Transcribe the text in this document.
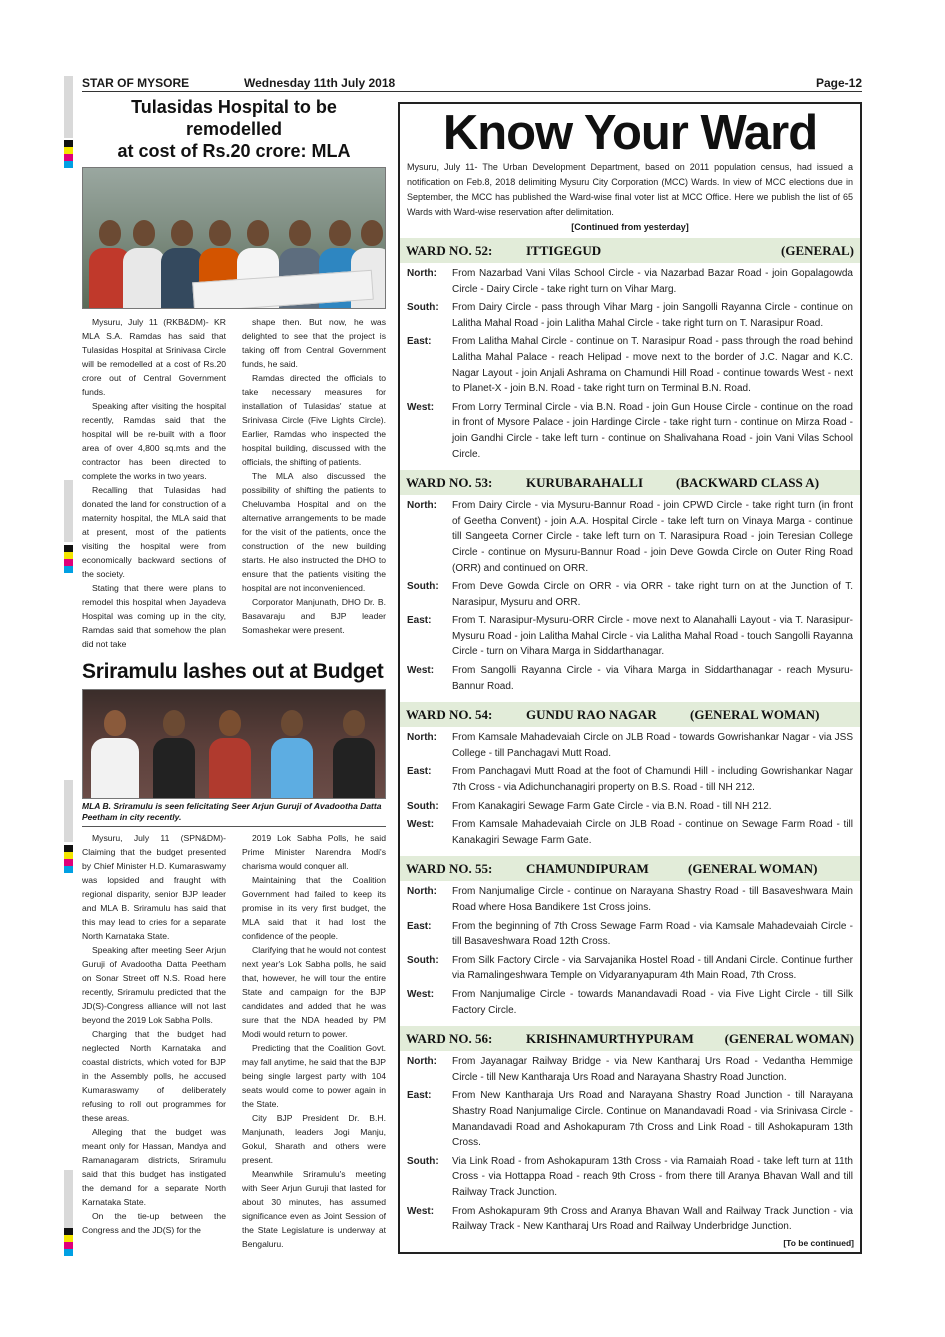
STAR OF MYSORE	Wednesday 11th July 2018	Page-12
Tulasidas Hospital to be remodelled
at cost of Rs.20 crore: MLA

Mysuru, July 11 (RKB&DM)- KR MLA S.A. Ramdas has said that Tulasidas Hospital at Srinivasa Circle will be remodelled at a cost of Rs.20 crore out of Central Government funds.

Speaking after visiting the hospital recently, Ramdas said that the hospital will be re-built with a floor area of over 4,800 sq.mts and the contractor has been directed to complete the works in two years.

Recalling that Tulasidas had donated the land for construction of a maternity hospital, the MLA said that at present, most of the patients visiting the hospital were from economically backward sections of the society.

Stating that there were plans to remodel this hospital when Jayadeva Hospital was coming up in the city, Ramdas said that somehow the plan did not take

shape then. But now, he was delighted to see that the project is taking off from Central Government funds, he said.

Ramdas directed the officials to take necessary measures for installation of Tulasidas' statue at Srinivasa Circle (Five Lights Circle). Earlier, Ramdas who inspected the hospital building, discussed with the officials, the shifting of patients.

The MLA also discussed the possibility of shifting the patients to Cheluvamba Hospital and on the alternative arrangements to be made for the visit of the patients, once the construction of the new building starts. He also instructed the DHO to ensure that the patients visiting the hospital are not inconvenienced.

Corporator Manjunath, DHO Dr. B. Basavaraju and BJP leader Somashekar were present.

Sriramulu lashes out at Budget
MLA B. Sriramulu is seen felicitating Seer Arjun Guruji of Avadootha Datta Peetham in city recently.

Mysuru, July 11 (SPN&DM)- Claiming that the budget presented by Chief Minister H.D. Kumaraswamy was lopsided and fraught with regional disparity, senior BJP leader and MLA B. Sriramulu has said that this may lead to cries for a separate North Karnataka State.

Speaking after meeting Seer Arjun Guruji of Avadootha Datta Peetham on Sonar Street off N.S. Road here recently, Sriramulu predicted that the JD(S)-Congress alliance will not last beyond the 2019 Lok Sabha Polls.

Charging that the budget had neglected North Karnataka and coastal districts, which voted for BJP in the Assembly polls, he accused Kumaraswamy of deliberately refusing to roll out programmes for these areas.

Alleging that the budget was meant only for Hassan, Mandya and Ramanagaram districts, Sriramulu said that this budget has instigated the demand for a separate North Karnataka State.

On the tie-up between the Congress and the JD(S) for the

2019 Lok Sabha Polls, he said Prime Minister Narendra Modi's charisma would conquer all.

Maintaining that the Coalition Government had failed to keep its promise in its very first budget, the MLA said that it had lost the confidence of the people.

Clarifying that he would not contest next year's Lok Sabha polls, he said that, however, he will tour the entire State and campaign for the BJP candidates and added that he was sure that the NDA headed by PM Modi would return to power.

Predicting that the Coalition Govt. may fall anytime, he said that the BJP being single largest party with 104 seats would come to power again in the State.

City BJP President Dr. B.H. Manjunath, leaders Jogi Manju, Gokul, Sharath and others were present.

Meanwhile Sriramulu's meeting with Seer Arjun Guruji that lasted for about 30 minutes, has assumed significance even as Joint Session of the State Legislature is underway at Bengaluru.

Know Your Ward
Mysuru, July 11- The Urban Development Department, based on 2011 population census, had issued a notification on Feb.8, 2018 delimiting Mysuru City Corporation (MCC) Wards. In view of MCC elections due in September, the MCC has published the Ward-wise final voter list at MCC Office. Here we publish the list of 65 Wards with Ward-wise reservation after delimitation.
[Continued from yesterday]
WARD NO. 52:	ITTIGEGUD	(GENERAL)
North:	From Nazarbad Vani Vilas School Circle - via Nazarbad Bazar Road - join Gopalagowda Circle - Dairy Circle - take right turn on Vihar Marg.
South:	From Dairy Circle - pass through Vihar Marg - join Sangolli Rayanna Circle - continue on Lalitha Mahal Road - join Lalitha Mahal Circle - take right turn on T. Narasipur Road.
East:	From Lalitha Mahal Circle - continue on T. Narasipur Road - pass through the road behind Lalitha Mahal Palace - reach Helipad - move next to the border of J.C. Nagar and K.C. Nagar Layout - join Anjali Ashrama on Chamundi Hill Road - continue towards West - next to Planet-X - join B.N. Road - take right turn on Terminal B.N. Road.
West:	From Lorry Terminal Circle - via B.N. Road - join Gun House Circle - continue on the road in front of Mysore Palace - join Hardinge Circle - take right turn - continue on Mirza Road - join Gandhi Circle - take left turn - continue on Shalivahana Road - join Vani Vilas School Circle.
WARD NO. 53:	KURUBARAHALLI	(BACKWARD CLASS A)
North:	From Dairy Circle - via Mysuru-Bannur Road - join CPWD Circle - take right turn (in front of Geetha Convent) - join A.A. Hospital Circle - take left turn on Vinaya Marga - continue till Sangeeta Corner Circle - take left turn on T. Narasipura Road - join Teresian College Circle - continue on Mysuru-Bannur Road - join Deve Gowda Circle on Outer Ring Road (ORR) and continued on ORR.
South:	From Deve Gowda Circle on ORR - via ORR - take right turn on at the Junction of T. Narasipur, Mysuru and ORR.
East:	From T. Narasipur-Mysuru-ORR Circle - move next to Alanahalli Layout - via T. Narasipur-Mysuru Road - join Lalitha Mahal Circle - via Lalitha Mahal Road - touch Sangolli Rayanna Circle - turn on Vihara Marga in Siddarthanagar.
West:	From Sangolli Rayanna Circle - via Vihara Marga in Siddarthanagar - reach Mysuru-Bannur Road.
WARD NO. 54:	GUNDU RAO NAGAR	(GENERAL WOMAN)
North:	From Kamsale Mahadevaiah Circle on JLB Road - towards Gowrishankar Nagar - via JSS College - till Panchagavi Mutt Road.
East:	From Panchagavi Mutt Road at the foot of Chamundi Hill - including Gowrishankar Nagar 7th Cross - via Adichunchanagiri property on B.S. Road - till NH 212.
South:	From Kanakagiri Sewage Farm Gate Circle - via B.N. Road - till NH 212.
West:	From Kamsale Mahadevaiah Circle on JLB Road - continue on Sewage Farm Road - till Kanakagiri Sewage Farm Gate.
WARD NO. 55:	CHAMUNDIPURAM	(GENERAL WOMAN)
North:	From Nanjumalige Circle - continue on Narayana Shastry Road - till Basaveshwara Main Road where Hosa Bandikere 1st Cross joins.
East:	From the beginning of 7th Cross Sewage Farm Road - via Kamsale Mahadevaiah Circle - till Basaveshwara Road 12th Cross.
South:	From Silk Factory Circle - via Sarvajanika Hostel Road - till Andani Circle. Continue further via Ramalingeshwara Temple on Vidyaranyapuram 4th Main Road, 7th Cross.
West:	From Nanjumalige Circle - towards Manandavadi Road - via Five Light Circle - till Silk Factory Circle.
WARD NO. 56:	KRISHNAMURTHYPURAM (GENERAL WOMAN)
North:	From Jayanagar Railway Bridge - via New Kantharaj Urs Road - Vedantha Hemmige Circle - till New Kantharaja Urs Road and Narayana Shastry Road Junction.
East:	From New Kantharaja Urs Road and Narayana Shastry Road Junction - till Narayana Shastry Road Nanjumalige Circle. Continue on Manandavadi Road - via Srinivasa Circle - Manandavadi Road and Ashokapuram 7th Cross and Link Road - till Ashokapuram 13th Cross.
South:	Via Link Road - from Ashokapuram 13th Cross - via Ramaiah Road - take left turn at 11th Cross - via Hottappa Road - reach 9th Cross - from there till Aranya Bhavan Wall and till Railway Track Junction.
West:	From Ashokapuram 9th Cross and Aranya Bhavan Wall and Railway Track Junction - via Railway Track - New Kantharaj Urs Road and Railway Underbridge Junction.
[To be continued]
